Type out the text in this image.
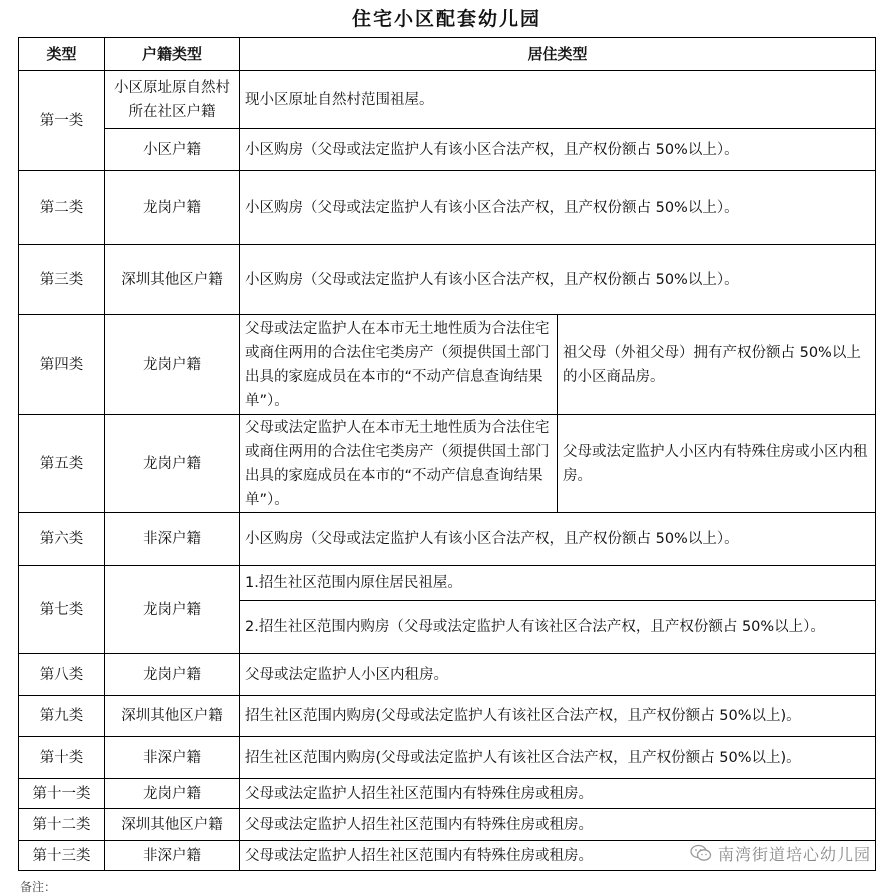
住宅小区配套幼儿园
类型	户籍类型	居住类型	
第一类	小区原址原自然村所在社区户籍	现小区原址自然村范围祖屋。	
	小区户籍	小区购房（父母或法定监护人有该小区合法产权，且产权份额占 50%以上）。	
第二类	龙岗户籍	小区购房（父母或法定监护人有该小区合法产权，且产权份额占 50%以上）。	
第三类	深圳其他区户籍	小区购房（父母或法定监护人有该小区合法产权，且产权份额占 50%以上）。	
第四类	龙岗户籍	父母或法定监护人在本市无土地性质为合法住宅或商住两用的合法住宅类房产（须提供国土部门出具的家庭成员在本市的“不动产信息查询结果单”）。	祖父母（外祖父母）拥有产权份额占 50%以上的小区商品房。
第五类	龙岗户籍	父母或法定监护人在本市无土地性质为合法住宅或商住两用的合法住宅类房产（须提供国土部门出具的家庭成员在本市的“不动产信息查询结果单”）。	父母或法定监护人小区内有特殊住房或小区内租房。
第六类	非深户籍	小区购房（父母或法定监护人有该小区合法产权，且产权份额占 50%以上）。	
第七类	龙岗户籍	1.招生社区范围内原住居民祖屋。	
		2.招生社区范围内购房（父母或法定监护人有该社区合法产权，且产权份额占 50%以上）。	
第八类	龙岗户籍	父母或法定监护人小区内租房。	
第九类	深圳其他区户籍	招生社区范围内购房(父母或法定监护人有该社区合法产权，且产权份额占 50%以上)。	
第十类	非深户籍	招生社区范围内购房(父母或法定监护人有该社区合法产权，且产权份额占 50%以上)。	
第十一类	龙岗户籍	父母或法定监护人招生社区范围内有特殊住房或租房。	
第十二类	深圳其他区户籍	父母或法定监护人招生社区范围内有特殊住房或租房。	
第十三类	非深户籍	父母或法定监护人招生社区范围内有特殊住房或租房。		南湾街道培心幼儿园
备注：
